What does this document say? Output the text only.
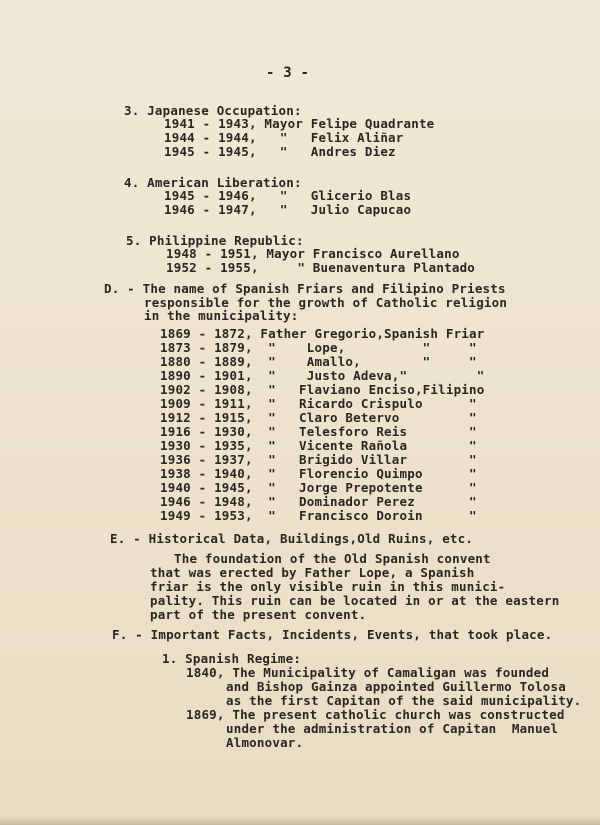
- 3 -
3. Japanese Occupation:
1941 - 1943, Mayor Felipe Quadrante
1944 - 1944,   "   Felix Aliñar
1945 - 1945,   "   Andres Diez
4. American Liberation:
1945 - 1946,   "   Glicerio Blas
1946 - 1947,   "   Julio Capucao
5. Philippine Republic:
1948 - 1951, Mayor Francisco Aurellano
1952 - 1955,     " Buenaventura Plantado
D. - The name of Spanish Friars and Filipino Priests
responsible for the growth of Catholic religion
in the municipality:
1869 - 1872, Father Gregorio,Spanish Friar
1873 - 1879,  "    Lope,          "     "
1880 - 1889,  "    Amallo,        "     "
1890 - 1901,  "    Justo Adeva,"         "
1902 - 1908,  "   Flaviano Enciso,Filipino
1909 - 1911,  "   Ricardo Crispulo      "
1912 - 1915,  "   Claro Betervo         "
1916 - 1930,  "   Telesforo Reis        "
1930 - 1935,  "   Vicente Rañola        "
1936 - 1937,  "   Brigido Villar        "
1938 - 1940,  "   Florencio Quimpo      "
1940 - 1945,  "   Jorge Prepotente      "
1946 - 1948,  "   Dominador Perez       "
1949 - 1953,  "   Francisco Doroin      "
E. - Historical Data, Buildings,Old Ruins, etc.
The foundation of the Old Spanish convent
that was erected by Father Lope, a Spanish
friar is the only visible ruin in this munici-
pality. This ruin can be located in or at the eastern
part of the present convent.
F. - Important Facts, Incidents, Events, that took place.
1. Spanish Regime:
1840, The Municipality of Camaligan was founded
and Bishop Gainza appointed Guillermo Tolosa
as the first Capitan of the said municipality.
1869, The present catholic church was constructed
under the administration of Capitan  Manuel
Almonovar.
